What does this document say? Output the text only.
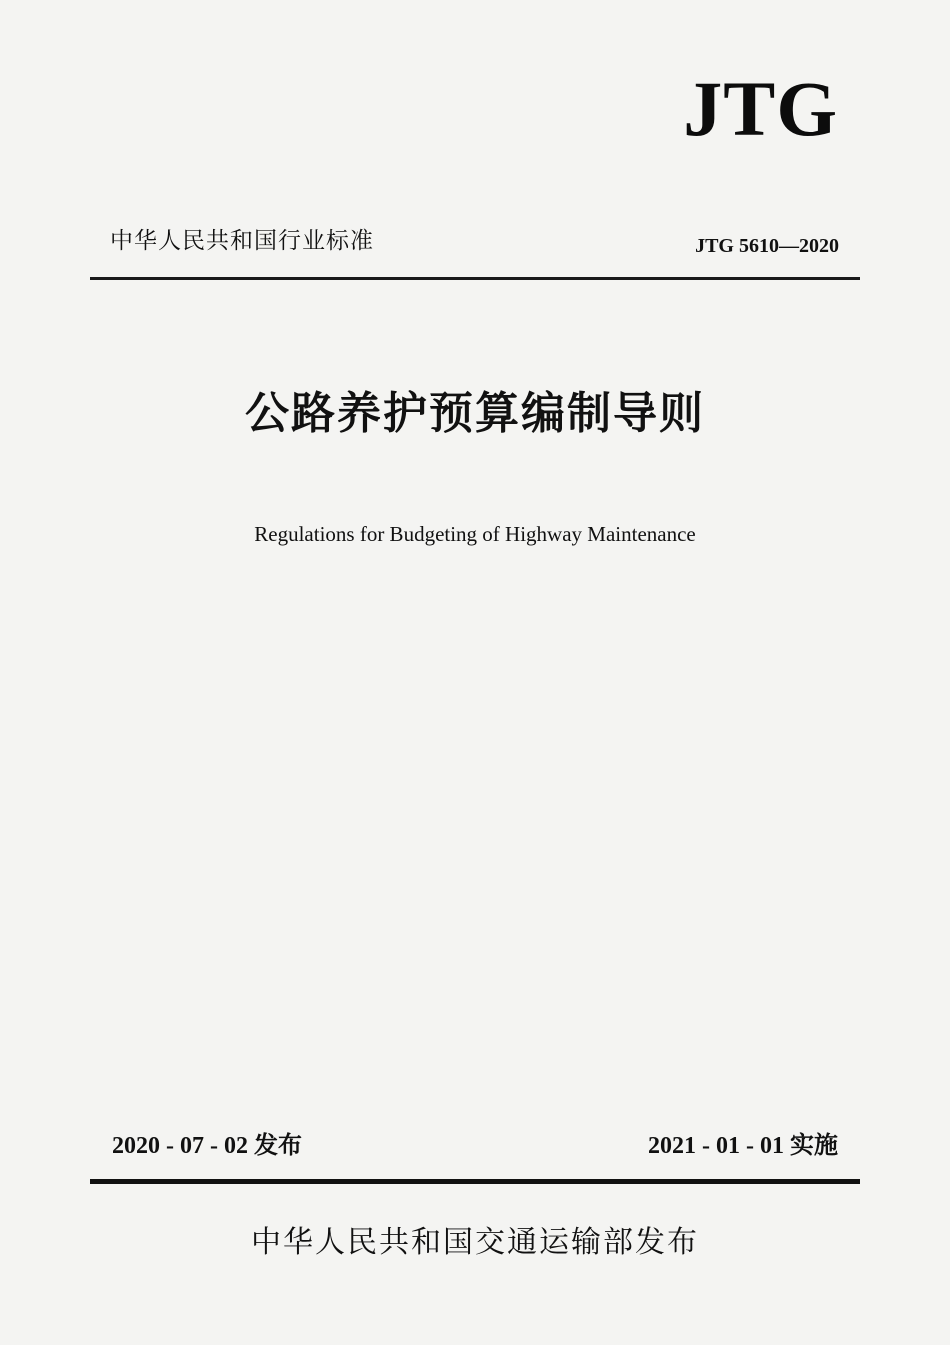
JTG
中华人民共和国行业标准	JTG 5610—2020
公路养护预算编制导则
Regulations for Budgeting of Highway Maintenance
2020 - 07 - 02 发布	2021 - 01 - 01 实施
中华人民共和国交通运输部发布
